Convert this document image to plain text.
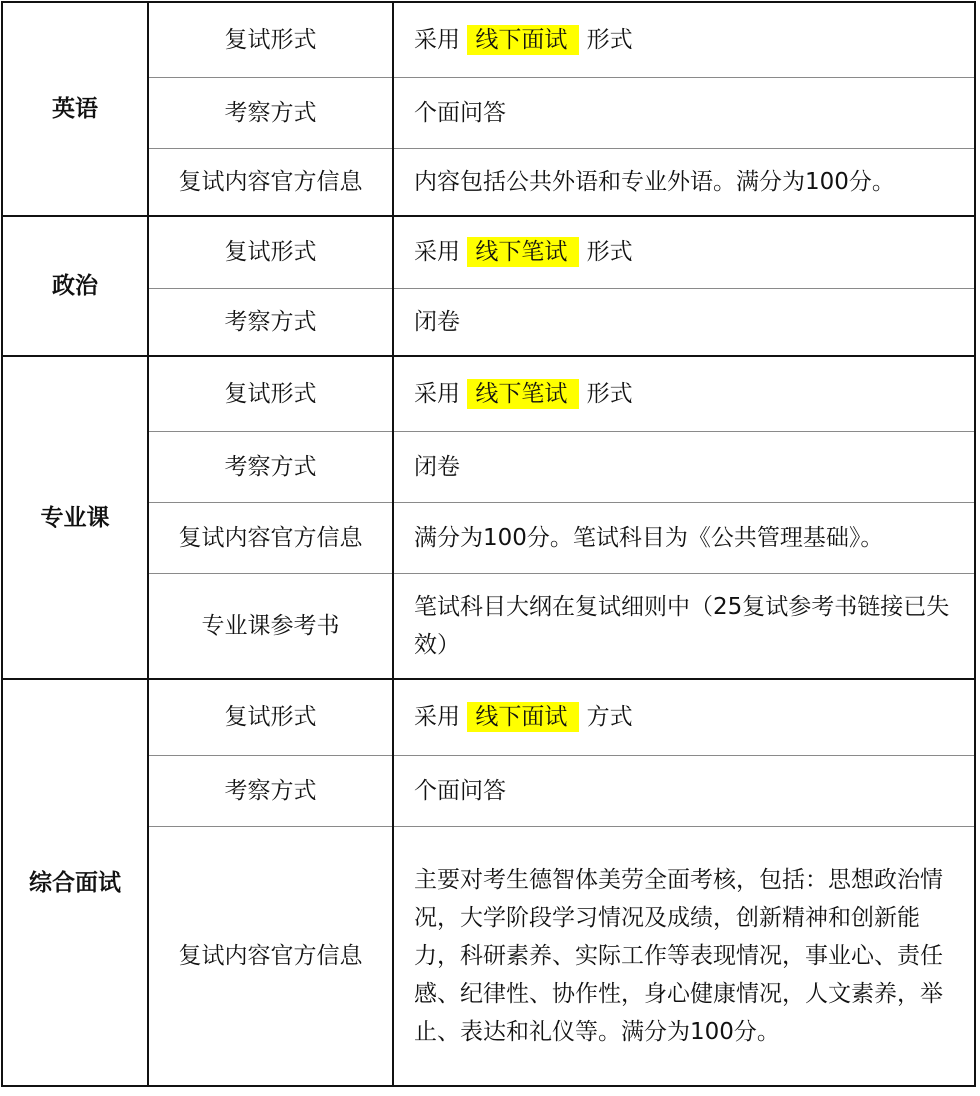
英语	复试形式	采用 线下面试 形式
	考察方式	个面问答
	复试内容官方信息	内容包括公共外语和专业外语。满分为100分。
政治	复试形式	采用 线下笔试 形式
	考察方式	闭卷
专业课	复试形式	采用 线下笔试 形式
	考察方式	闭卷
	复试内容官方信息	满分为100分。笔试科目为《公共管理基础》。
	专业课参考书	笔试科目大纲在复试细则中（25复试参考书链接已失效）
综合面试	复试形式	采用 线下面试 方式
	考察方式	个面问答
	复试内容官方信息	主要对考生德智体美劳全面考核，包括：思想政治情况，大学阶段学习情况及成绩，创新精神和创新能力，科研素养、实际工作等表现情况，事业心、责任感、纪律性、协作性，身心健康情况，人文素养，举止、表达和礼仪等。满分为100分。
